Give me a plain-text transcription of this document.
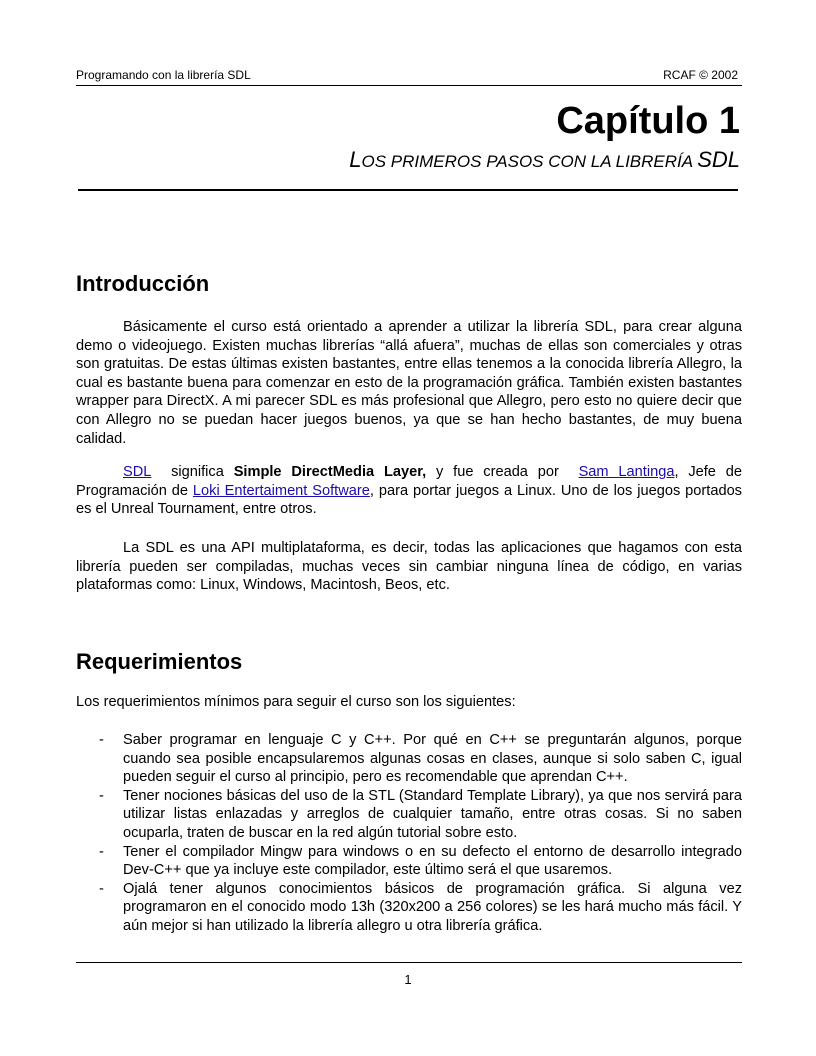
Programando con la librería SDL	RCAF © 2002
Capítulo 1
LOS PRIMEROS PASOS CON LA LIBRERÍA SDL
Introducción

Básicamente el curso está orientado a aprender a utilizar la librería SDL, para crear alguna demo o videojuego. Existen muchas librerías “allá afuera”, muchas de ellas son comerciales y otras son gratuitas. De estas últimas existen bastantes, entre ellas tenemos a la conocida librería Allegro, la cual es bastante buena para comenzar en esto de la programación gráfica. También existen bastantes wrapper para DirectX. A mi parecer SDL es más profesional que Allegro, pero esto no quiere decir que con Allegro no se puedan hacer juegos buenos, ya que se han hecho bastantes, de muy buena calidad.

SDL significa Simple DirectMedia Layer, y fue creada por Sam Lantinga, Jefe de Programación de Loki Entertaiment Software, para portar juegos a Linux. Uno de los juegos portados es el Unreal Tournament, entre otros.

La SDL es una API multiplataforma, es decir, todas las aplicaciones que hagamos con esta librería pueden ser compiladas, muchas veces sin cambiar ninguna línea de código, en varias plataformas como: Linux, Windows, Macintosh, Beos, etc.

Requerimientos

Los requerimientos mínimos para seguir el curso son los siguientes:

- Saber programar en lenguaje C y C++. Por qué en C++ se preguntarán algunos, porque cuando sea posible encapsularemos algunas cosas en clases, aunque si solo saben C, igual pueden seguir el curso al principio, pero es recomendable que aprendan C++.
- Tener nociones básicas del uso de la STL (Standard Template Library), ya que nos servirá para utilizar listas enlazadas y arreglos de cualquier tamaño, entre otras cosas. Si no saben ocuparla, traten de buscar en la red algún tutorial sobre esto.
- Tener el compilador Mingw para windows o en su defecto el entorno de desarrollo integrado Dev-C++ que ya incluye este compilador, este último será el que usaremos.
- Ojalá tener algunos conocimientos básicos de programación gráfica. Si alguna vez programaron en el conocido modo 13h (320x200 a 256 colores) se les hará mucho más fácil. Y aún mejor si han utilizado la librería allegro u otra librería gráfica.
1
